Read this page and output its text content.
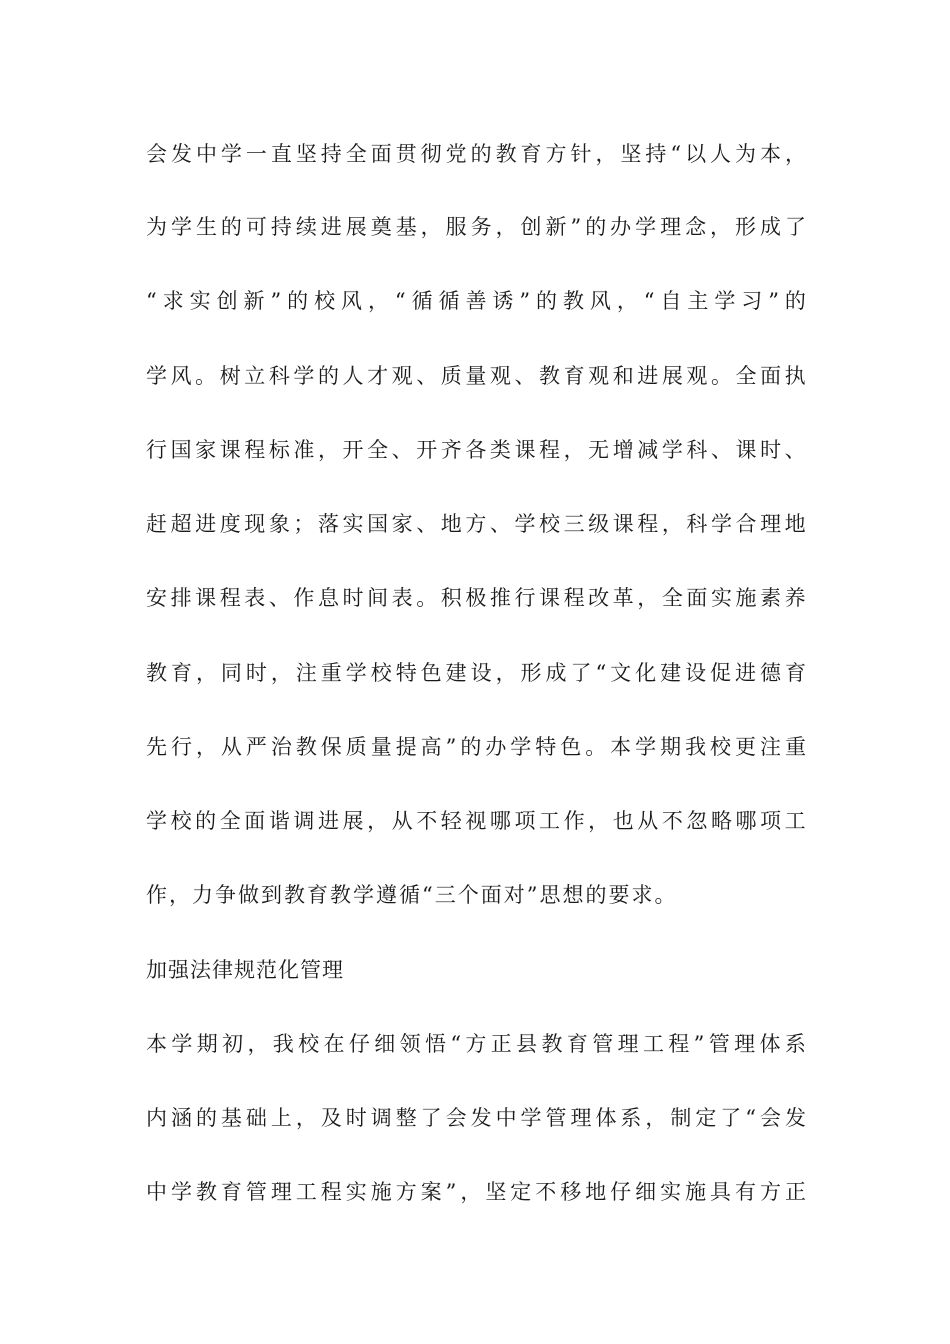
会 发 中 学 一 直 坚 持 全 面 贯 彻 党 的 教 育 方 针 ， 坚 持 “ 以 人 为 本 ，
为 学 生 的 可 持 续 进 展 奠 基 ， 服 务 ， 创 新 ” 的 办 学 理 念 ， 形 成 了
“ 求 实 创 新 ” 的 校 风 ， “ 循 循 善 诱 ” 的 教 风 ， “ 自 主 学 习 ” 的
学 风 。 树 立 科 学 的 人 才 观 、 质 量 观 、 教 育 观 和 进 展 观 。 全 面 执
行 国 家 课 程 标 准 ， 开 全 、 开 齐 各 类 课 程 ， 无 增 减 学 科 、 课 时 、
赶 超 进 度 现 象 ； 落 实 国 家 、 地 方 、 学 校 三 级 课 程 ， 科 学 合 理 地
安 排 课 程 表 、 作 息 时 间 表 。 积 极 推 行 课 程 改 革 ， 全 面 实 施 素 养
教 育 ， 同 时 ， 注 重 学 校 特 色 建 设 ， 形 成 了 “ 文 化 建 设 促 进 德 育
先 行 ， 从 严 治 教 保 质 量 提 高 ” 的 办 学 特 色 。 本 学 期 我 校 更 注 重
学 校 的 全 面 谐 调 进 展 ， 从 不 轻 视 哪 项 工 作 ， 也 从 不 忽 略 哪 项 工
作，力争做到教育教学遵循“三个面对”思想的要求。
加强法律规范化管理
本 学 期 初 ， 我 校 在 仔 细 领 悟 “ 方 正 县 教 育 管 理 工 程 ” 管 理 体 系
内 涵 的 基 础 上 ， 及 时 调 整 了 会 发 中 学 管 理 体 系 ， 制 定 了 “ 会 发
中 学 教 育 管 理 工 程 实 施 方 案 ” ， 坚 定 不 移 地 仔 细 实 施 具 有 方 正
